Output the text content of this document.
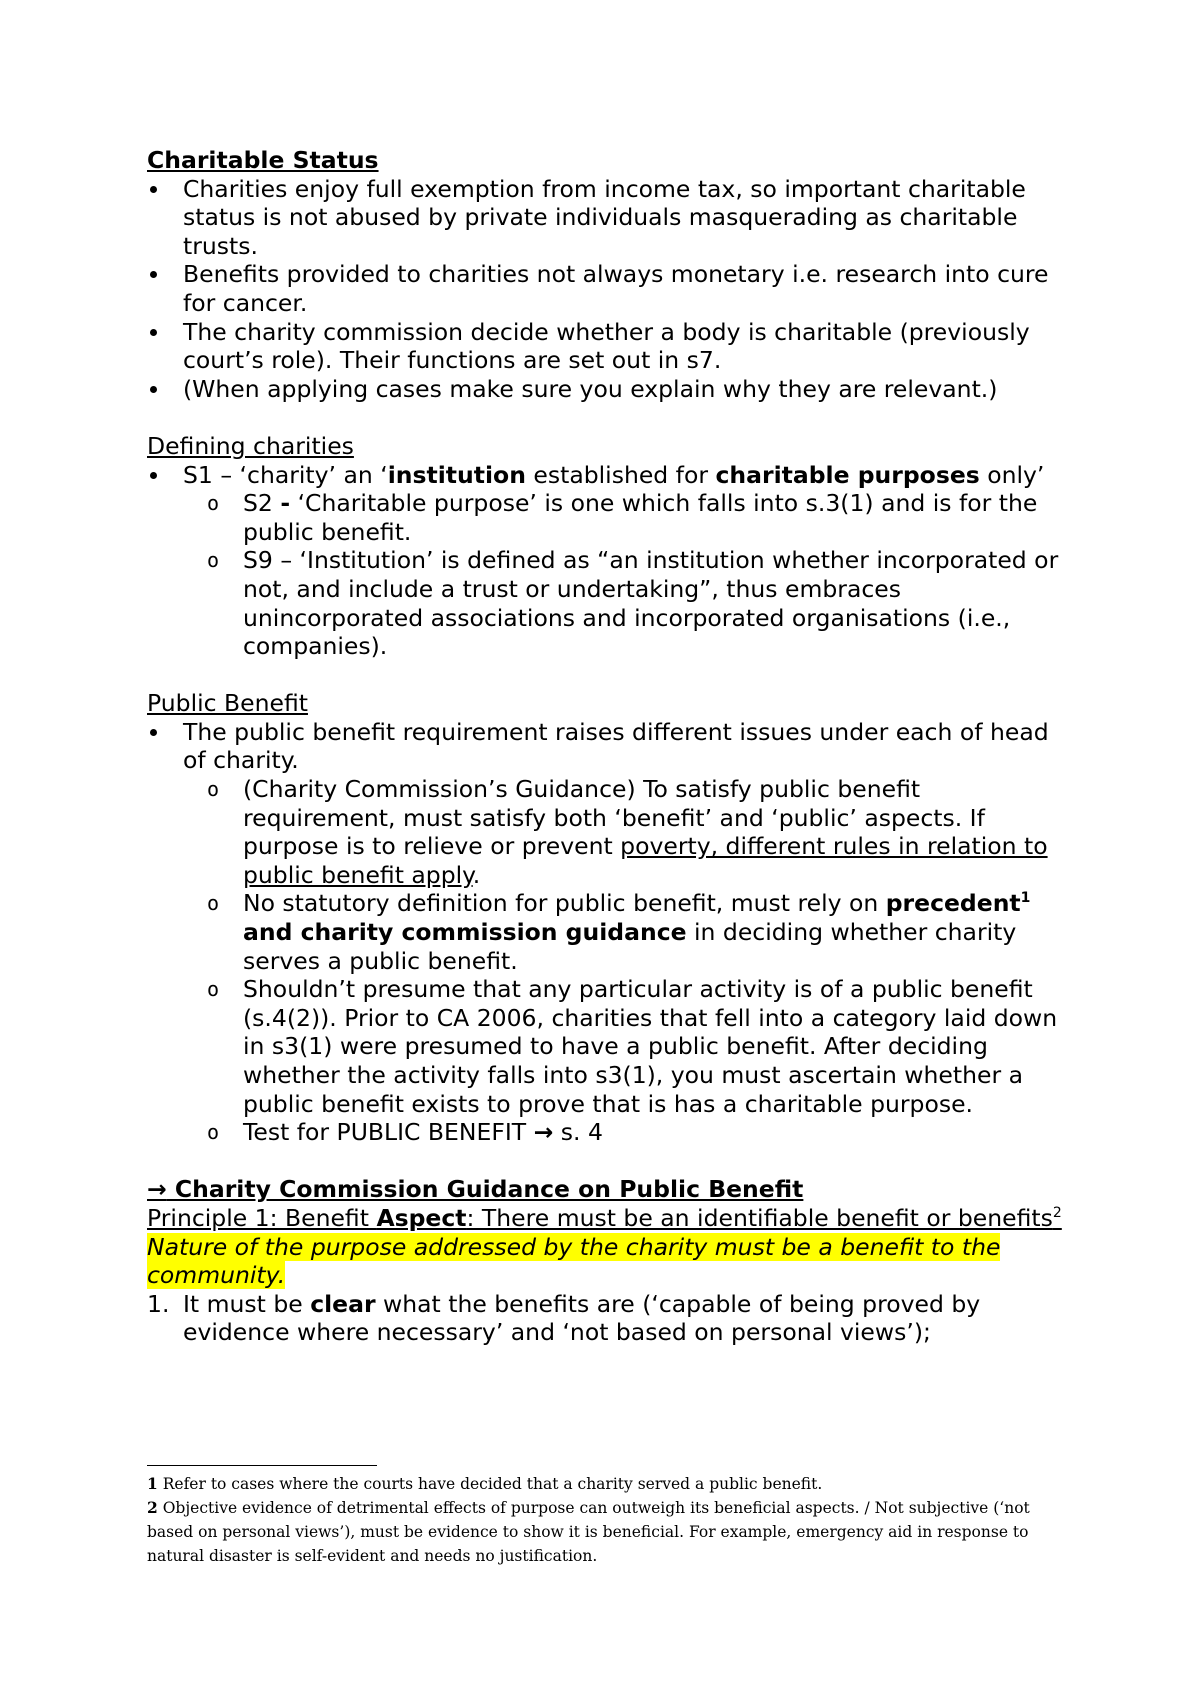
Charitable Status

Charities enjoy full exemption from income tax, so important charitable status is not abused by private individuals masquerading as charitable trusts.
Benefits provided to charities not always monetary i.e. research into cure for cancer.
The charity commission decide whether a body is charitable (previously court’s role). Their functions are set out in s7.
(When applying cases make sure you explain why they are relevant.)

Defining charities

S1 – ‘charity’ an ‘institution established for charitable purposes only’
o S2 - ‘Charitable purpose’ is one which falls into s.3(1) and is for the public benefit.
o S9 – ‘Institution’ is defined as “an institution whether incorporated or not, and include a trust or undertaking”, thus embraces unincorporated associations and incorporated organisations (i.e., companies).

Public Benefit

The public benefit requirement raises different issues under each of head of charity.
o (Charity Commission’s Guidance) To satisfy public benefit requirement, must satisfy both ‘benefit’ and ‘public’ aspects. If purpose is to relieve or prevent poverty, different rules in relation to public benefit apply.
o No statutory definition for public benefit, must rely on precedent$^1$ and charity commission guidance in deciding whether charity serves a public benefit.
o Shouldn’t presume that any particular activity is of a public benefit (s.4(2)). Prior to CA 2006, charities that fell into a category laid down in s3(1) were presumed to have a public benefit. After deciding whether the activity falls into s3(1), you must ascertain whether a public benefit exists to prove that is has a charitable purpose.
o Test for PUBLIC BENEFIT → s. 4

→ Charity Commission Guidance on Public Benefit

Principle 1: Benefit Aspect: There must be an identifiable benefit or benefits$^2$

Nature of the purpose addressed by the charity must be a benefit to the community.

1. It must be clear what the benefits are (‘capable of being proved by evidence where necessary’ and ‘not based on personal views’);

1 Refer to cases where the courts have decided that a charity served a public benefit.

2 Objective evidence of detrimental effects of purpose can outweigh its beneficial aspects. / Not subjective (‘not based on personal views’), must be evidence to show it is beneficial. For example, emergency aid in response to natural disaster is self-evident and needs no justification.
